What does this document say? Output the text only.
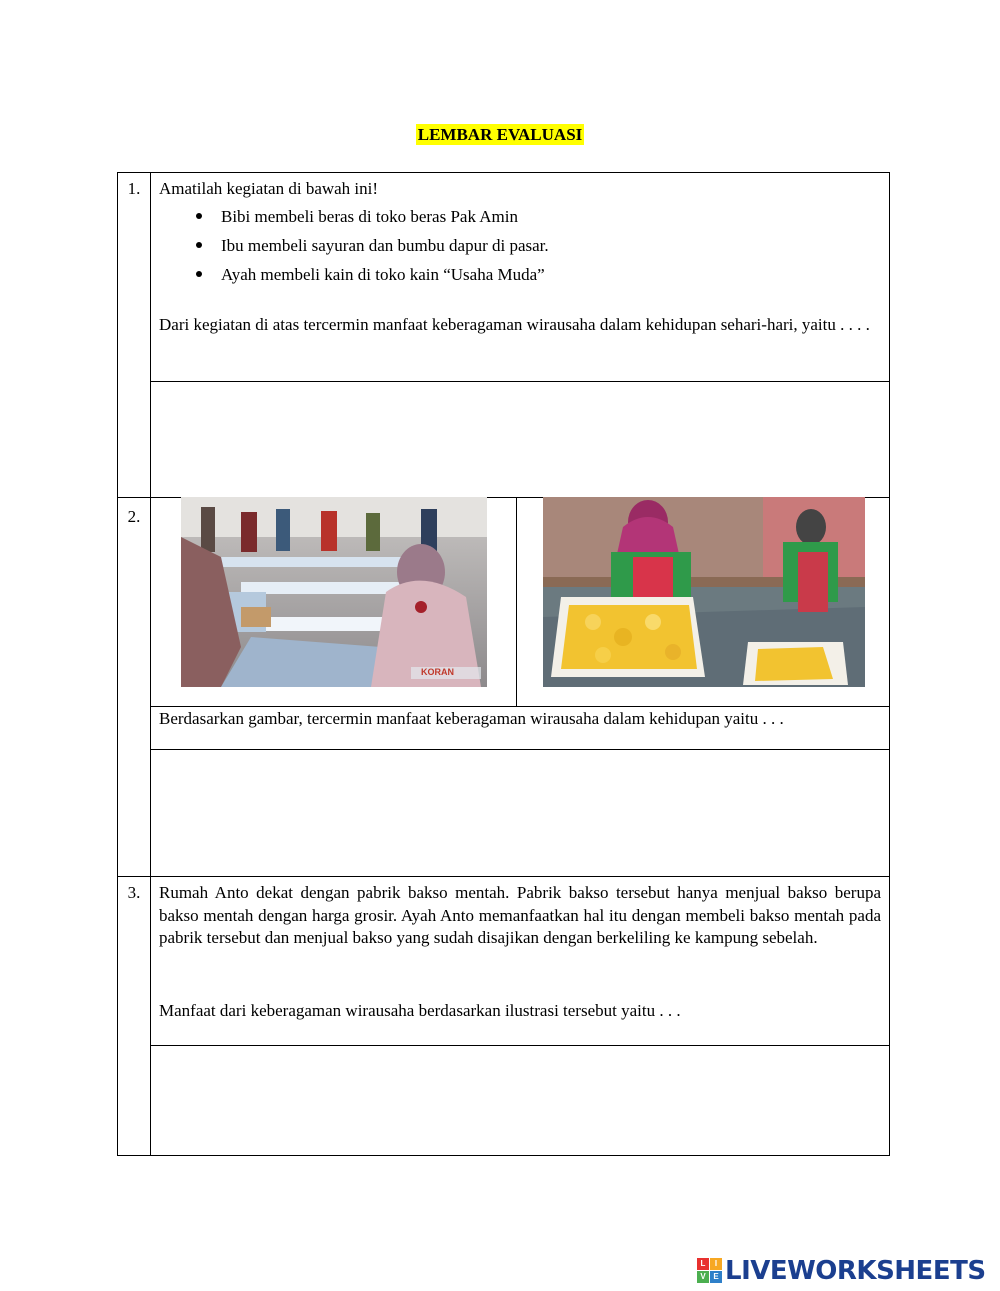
LEMBAR EVALUASI
1.	Amatilah kegiatan di bawah ini!
Bibi membeli beras di toko beras Pak Amin
Ibu membeli sayuran dan bumbu dapur di pasar.
Ayah membeli kain di toko kain “Usaha Muda”
Dari kegiatan di atas tercermin manfaat keberagaman wirausaha dalam kehidupan sehari-hari, yaitu . . . .
2.
KORAN
Berdasarkan gambar, tercermin manfaat keberagaman wirausaha dalam kehidupan yaitu . . .
3.	Rumah Anto dekat dengan pabrik bakso mentah. Pabrik bakso tersebut hanya menjual bakso berupa bakso mentah dengan harga grosir. Ayah Anto memanfaatkan hal itu dengan membeli bakso mentah pada pabrik tersebut dan menjual bakso yang sudah disajikan dengan berkeliling ke kampung sebelah.
Manfaat dari keberagaman wirausaha berdasarkan ilustrasi tersebut yaitu . . .
L	I
V E LIVEWORKSHEETS
